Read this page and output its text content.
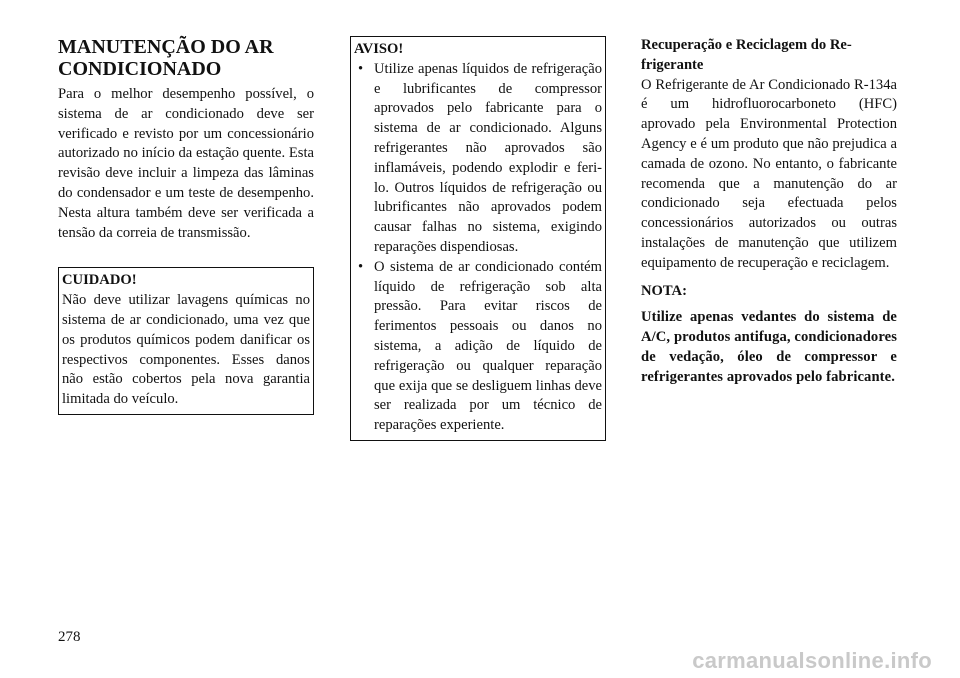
MANUTENÇÃO DO AR
CONDICIONADO

Para o melhor desempenho possível, o sistema de ar condicionado deve ser verificado e revisto por um concessionário autorizado no início da estação quente. Esta revisão deve incluir a limpeza das lâminas do condensador e um teste de desempenho. Nesta altura também deve ser verificada a tensão da correia de transmissão.

CUIDADO!

Não deve utilizar lavagens químicas no sistema de ar condicionado, uma vez que os produtos químicos podem danificar os respectivos componentes. Esses danos não estão cobertos pela nova garantia limitada do veículo.

AVISO!

• Utilize apenas líquidos de refrigeração e lubrificantes de compressor aprovados pelo fabricante para o sistema de ar condicionado. Alguns refrigerantes não aprovados são inflamáveis, podendo explodir e feri-lo. Outros líquidos de refrigeração ou lubrificantes não aprovados podem causar falhas no sistema, exigindo reparações dispendiosas.
• O sistema de ar condicionado contém líquido de refrigeração sob alta pressão. Para evitar riscos de ferimentos pessoais ou danos no sistema, a adição de líquido de refrigeração ou qualquer reparação que exija que se desliguem linhas deve ser realizada por um técnico de reparações experiente.

Recuperação e Reciclagem do Refrigerante

O Refrigerante de Ar Condicionado R-134a é um hidrofluorocarboneto (HFC) aprovado pela Environmental Protection Agency e é um produto que não prejudica a camada de ozono. No entanto, o fabricante recomenda que a manutenção do ar condicionado seja efectuada pelos concessionários autorizados ou outras instalações de manutenção que utilizem equipamento de recuperação e reciclagem.

NOTA:

Utilize apenas vedantes do sistema de A/C, produtos antifuga, condicionadores de vedação, óleo de compressor e refrigerantes aprovados pelo fabricante.

278
carmanualsonline.info
